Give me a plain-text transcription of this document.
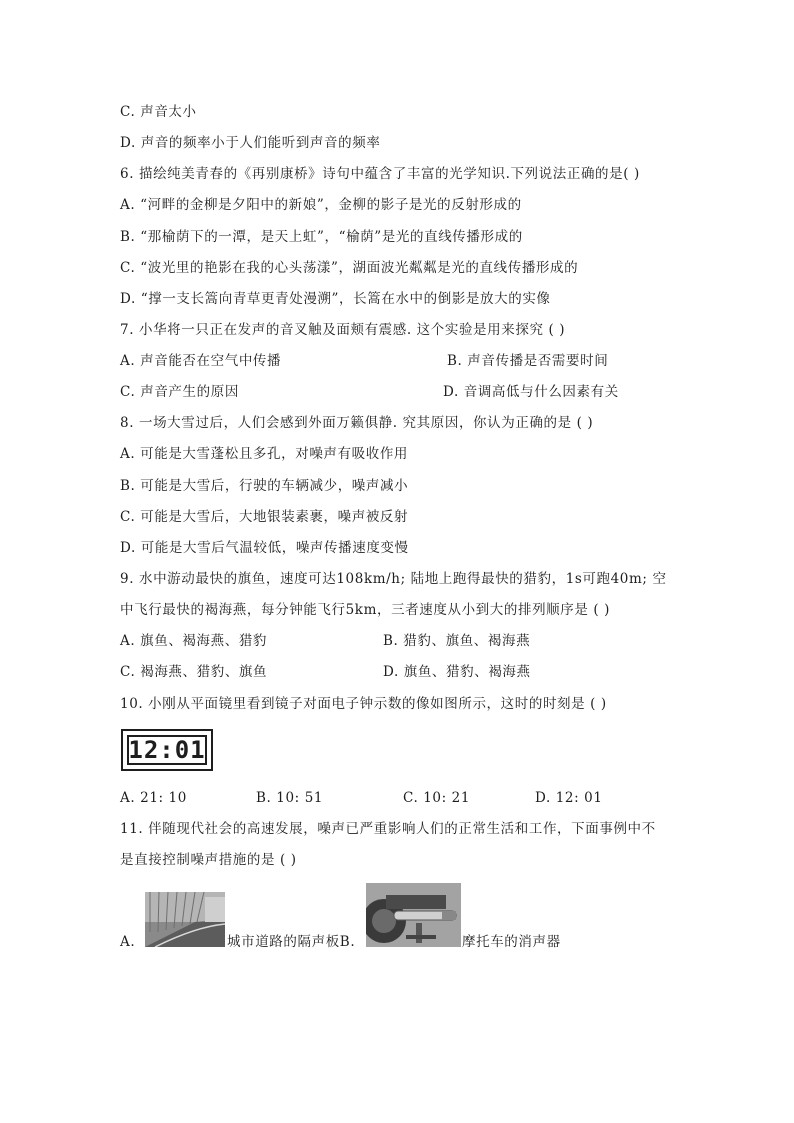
C. 声音太小
D. 声音的频率小于人们能听到声音的频率
6. 描绘纯美青春的《再别康桥》诗句中蕴含了丰富的光学知识.下列说法正确的是( )
A. “河畔的金柳是夕阳中的新娘”，金柳的影子是光的反射形成的
B. “那榆荫下的一潭，是天上虹”，“榆荫”是光的直线传播形成的
C. “波光里的艳影在我的心头荡漾”，湖面波光粼粼是光的直线传播形成的
D. “撑一支长篙向青草更青处漫溯”，长篙在水中的倒影是放大的实像
7. 小华将一只正在发声的音叉触及面颊有震感. 这个实验是用来探究 ( )
A. 声音能否在空气中传播	B. 声音传播是否需要时间
C. 声音产生的原因	D. 音调高低与什么因素有关
8. 一场大雪过后，人们会感到外面万籁俱静. 究其原因，你认为正确的是 ( )
A. 可能是大雪蓬松且多孔，对噪声有吸收作用
B. 可能是大雪后，行驶的车辆减少，噪声减小
C. 可能是大雪后，大地银装素裹，噪声被反射
D. 可能是大雪后气温较低，噪声传播速度变慢
9. 水中游动最快的旗鱼，速度可达108km/h; 陆地上跑得最快的猎豹，1s可跑40m; 空
中飞行最快的褐海燕，每分钟能飞行5km，三者速度从小到大的排列顺序是 ( )
A. 旗鱼、褐海燕、猎豹	B. 猎豹、旗鱼、褐海燕
C. 褐海燕、猎豹、旗鱼	D. 旗鱼、猎豹、褐海燕
10. 小刚从平面镜里看到镜子对面电子钟示数的像如图所示，这时的时刻是 ( )
12:01
A. 21: 10	B. 10: 51	C. 10: 21	D. 12: 01
11. 伴随现代社会的高速发展，噪声已严重影响人们的正常生活和工作，下面事例中不
是直接控制噪声措施的是 ( )
A.	城市道路的隔声板B.	摩托车的消声器
